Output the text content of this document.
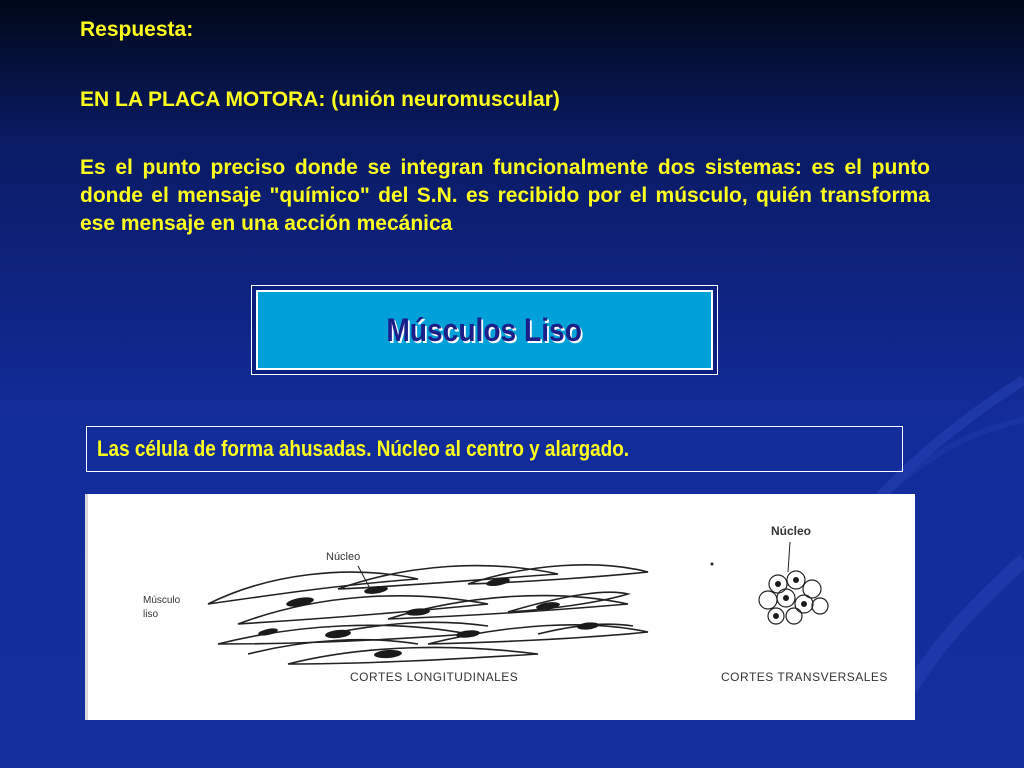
Respuesta:
EN LA PLACA MOTORA: (unión neuromuscular)
Es el punto preciso donde se integran funcionalmente dos sistemas: es el punto donde el mensaje "químico" del S.N. es recibido por el músculo, quién transforma ese mensaje en una acción mecánica
Músculos Liso
Las célula de forma ahusadas. Núcleo al centro y alargado.
Músculo liso
Núcleo
CORTES LONGITUDINALES
Núcleo
CORTES TRANSVERSALES
